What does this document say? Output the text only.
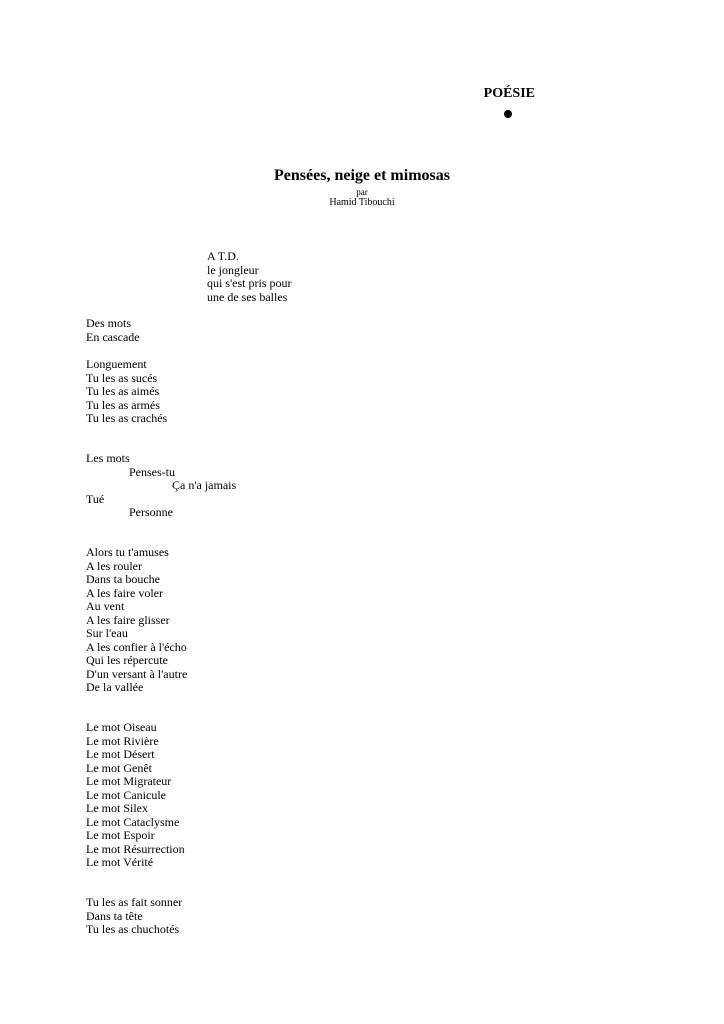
POÉSIE
Pensées, neige et mimosas
par
Hamid Tibouchi
A T.D.
le jongleur
qui s'est pris pour
une de ses balles
Des mots
En cascade
Longuement
Tu les as sucés
Tu les as aimés
Tu les as armés
Tu les as crachés
Les mots
Penses-tu
Ça n'a jamais
Tué
Personne
Alors tu t'amuses
A les rouler
Dans ta bouche
A les faire voler
Au vent
A les faire glisser
Sur l'eau
A les confier à l'écho
Qui les répercute
D'un versant à l'autre
De la vallée
Le mot Oiseau
Le mot Rivière
Le mot Désert
Le mot Genêt
Le mot Migrateur
Le mot Canicule
Le mot Silex
Le mot Cataclysme
Le mot Espoir
Le mot Résurrection
Le mot Vérité
Tu les as fait sonner
Dans ta tête
Tu les as chuchotés
